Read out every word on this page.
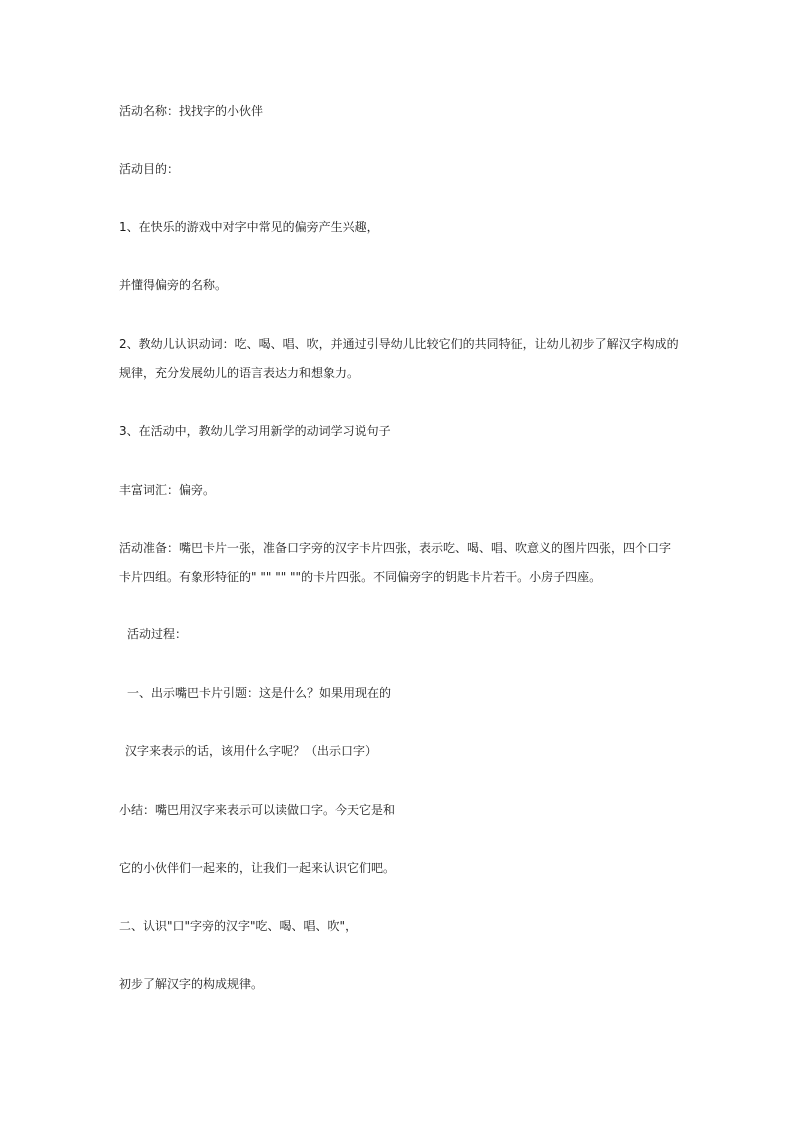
活动名称：找找字的小伙伴

活动目的：

1、在快乐的游戏中对字中常见的偏旁产生兴趣，

并懂得偏旁的名称。

2、教幼儿认识动词：吃、喝、唱、吹，并通过引导幼儿比较它们的共同特征，让幼儿初步了解汉字构成的

规律，充分发展幼儿的语言表达力和想象力。

3、在活动中，教幼儿学习用新学的动词学习说句子

丰富词汇：偏旁。

活动准备：嘴巴卡片一张，准备口字旁的汉字卡片四张，表示吃、喝、唱、吹意义的图片四张，四个口字

卡片四组。有象形特征的" "" "" ""的卡片四张。不同偏旁字的钥匙卡片若干。小房子四座。

活动过程：

一、出示嘴巴卡片引题：这是什么？如果用现在的

汉字来表示的话，该用什么字呢？（出示口字）

小结：嘴巴用汉字来表示可以读做口字。今天它是和

它的小伙伴们一起来的，让我们一起来认识它们吧。

二、认识"口"字旁的汉字"吃、喝、唱、吹"，

初步了解汉字的构成规律。
